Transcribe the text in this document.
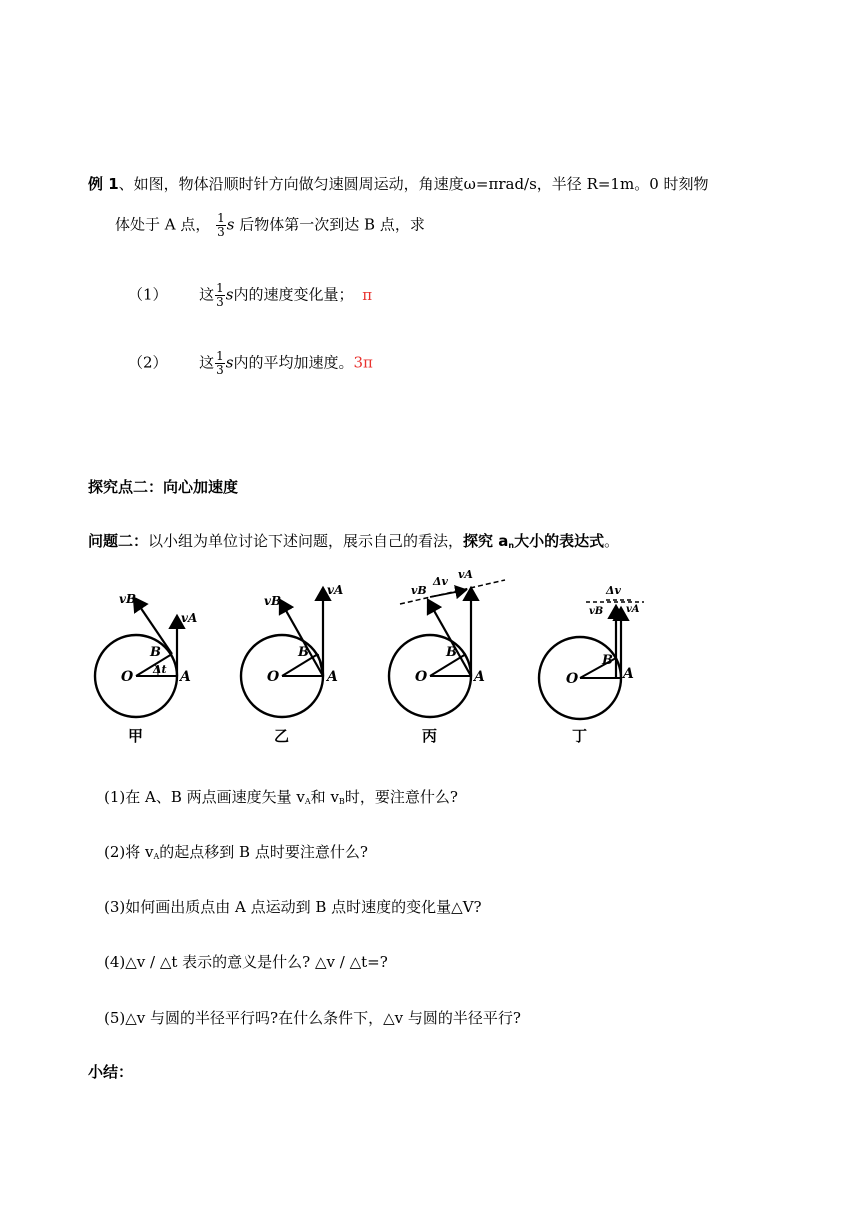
例 1、如图，物体沿顺时针方向做匀速圆周运动，角速度ω=πrad/s，半径 R=1m。0 时刻物
体处于 A 点， $\frac{1}{3}$ s 后物体第一次到达 B 点，求
（1） 这 $\frac{1}{3}$ s内的速度变化量； π
（2） 这 $\frac{1}{3}$ s内的平均加速度。3π
探究点二：向心加速度
问题二：以小组为单位讨论下述问题，展示自己的看法，探究 $a_n$大小的表达式。
vB
vA
O	A
B
Δt
甲
vB
vA
O	A
B
乙
vB
Δv
vA
O	A
B
丙
vB
Δv
vA
O	A
B
丁
(1)在 A、B 两点画速度矢量 $v_A$和 $v_B$时，要注意什么?
(2)将 $v_A$的起点移到 B 点时要注意什么?
(3)如何画出质点由 A 点运动到 B 点时速度的变化量△V?
(4)△v / △t 表示的意义是什么? △v / △t=?
(5)△v 与圆的半径平行吗?在什么条件下，△v 与圆的半径平行?
小结：
